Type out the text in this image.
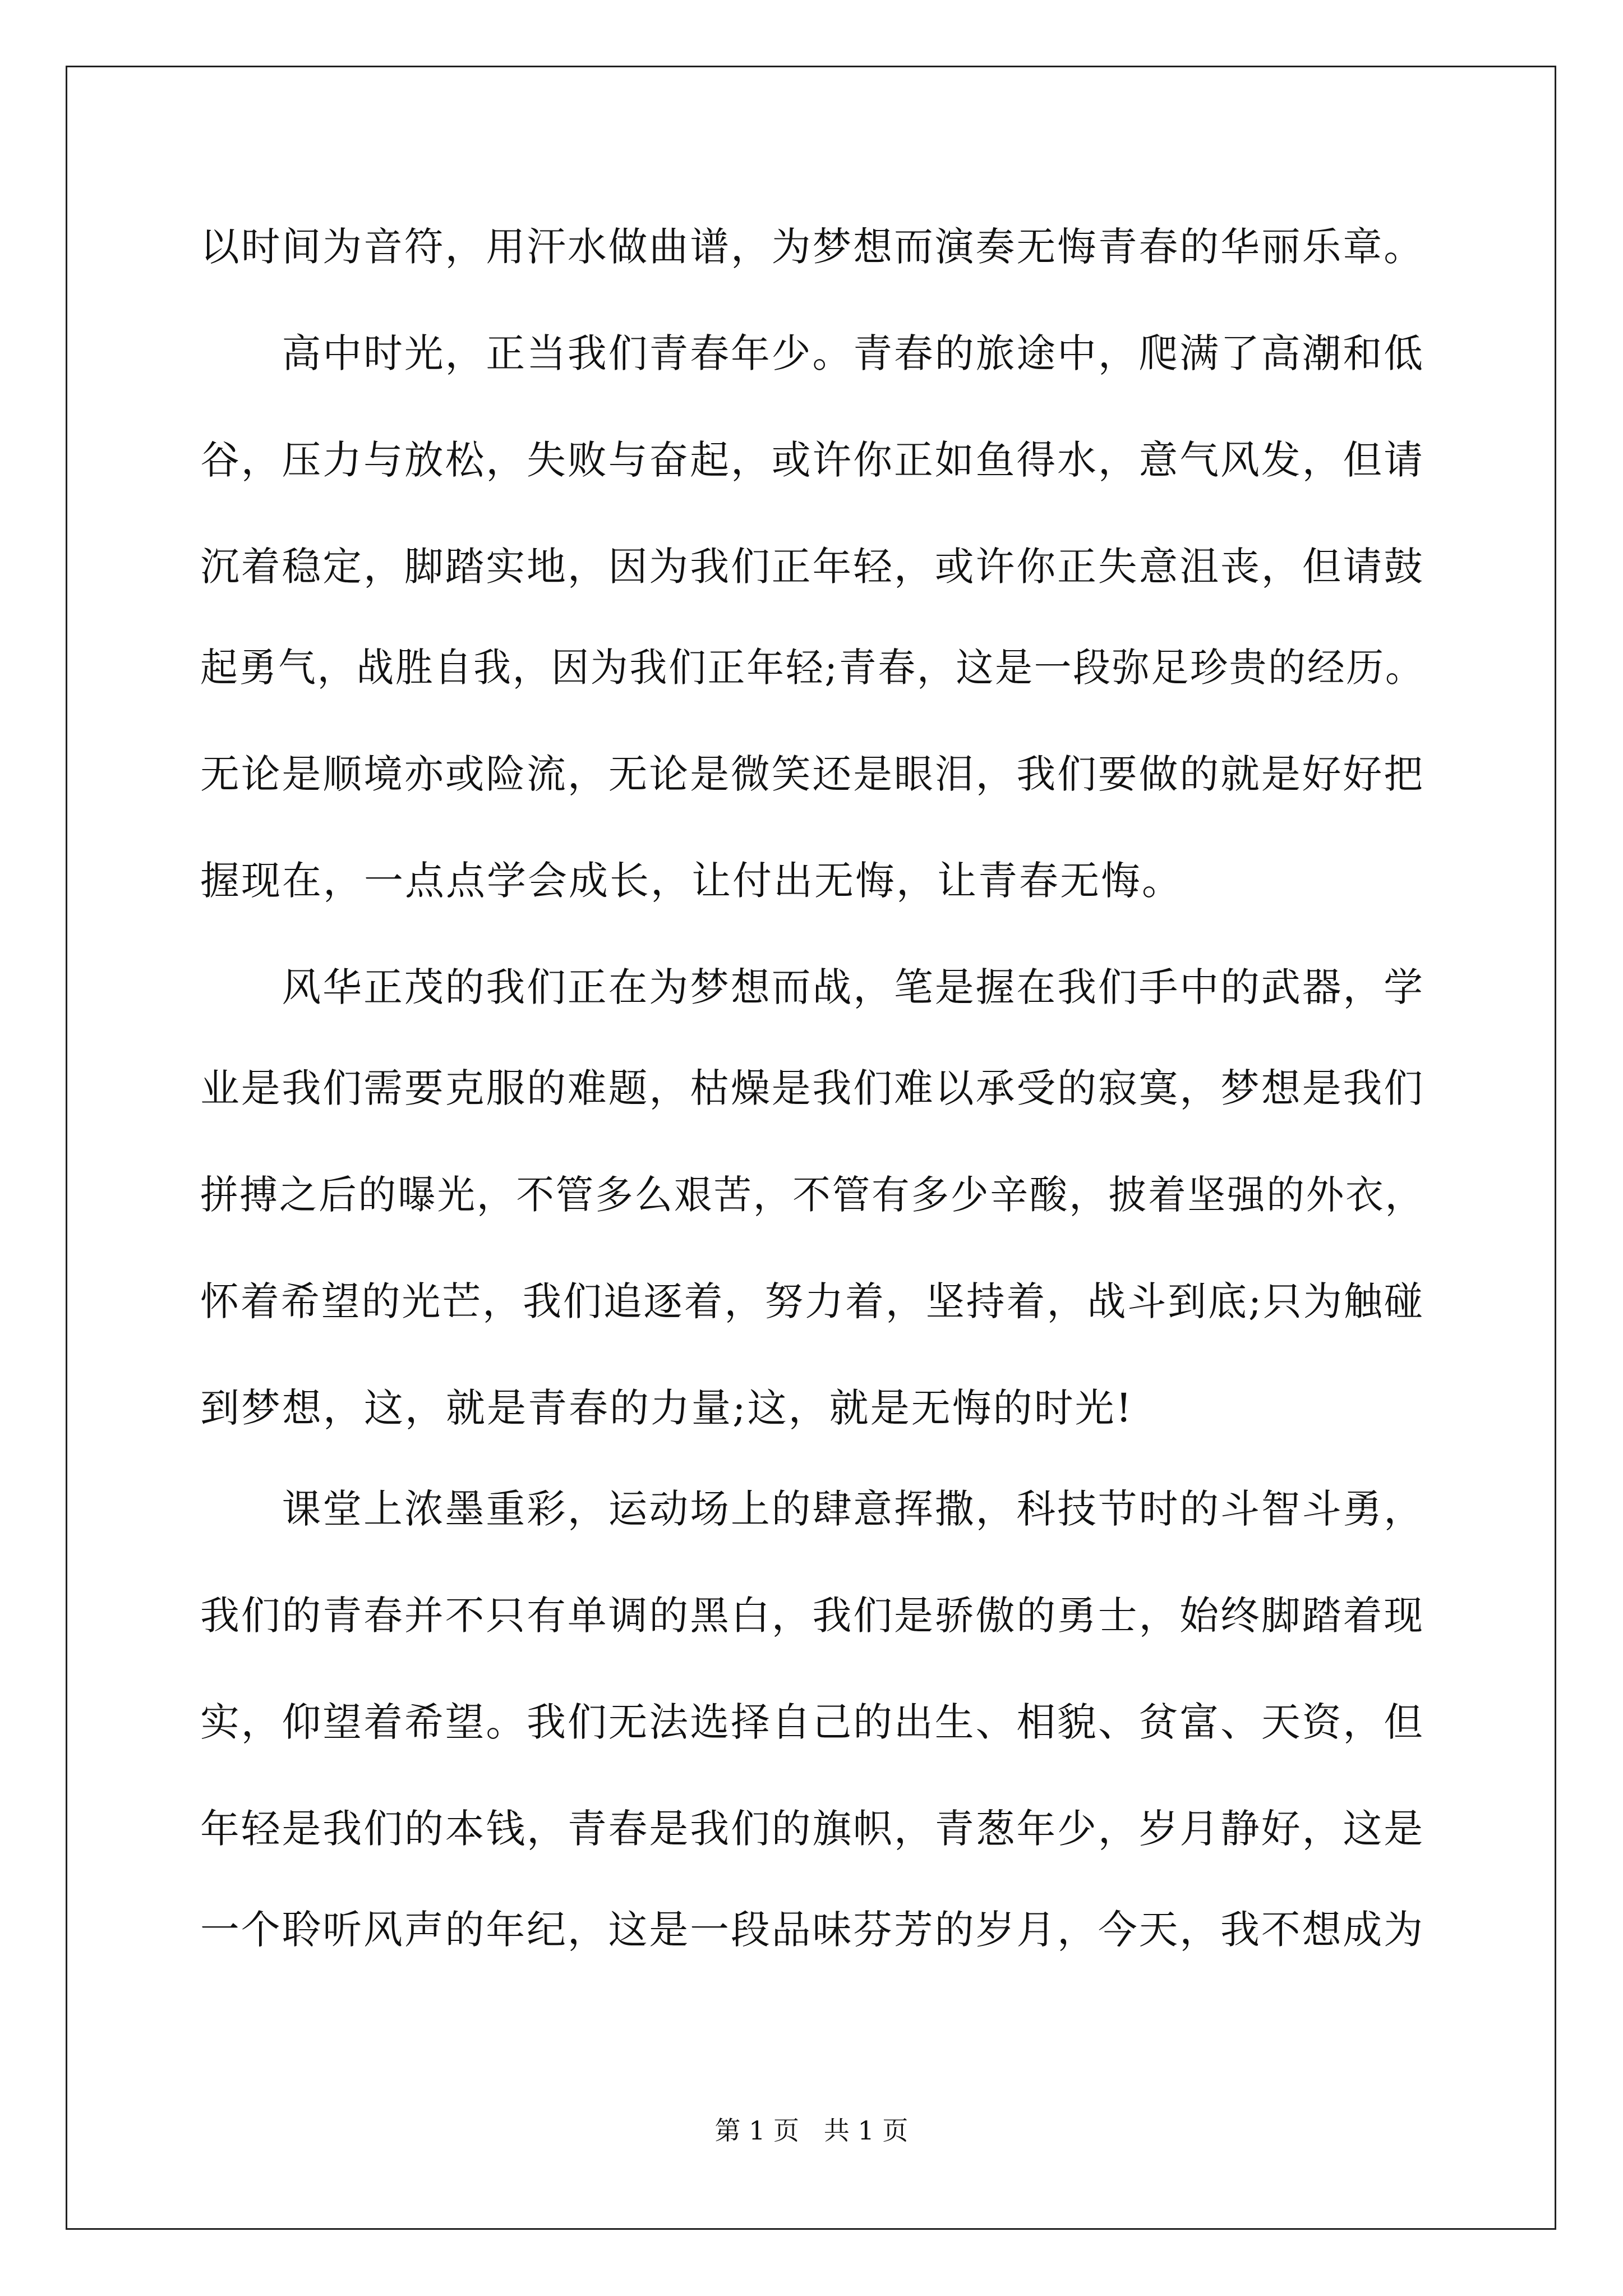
以时间为音符，用汗水做曲谱，为梦想而演奏无悔青春的华丽乐章。
　　高中时光，正当我们青春年少。青春的旅途中，爬满了高潮和低
谷，压力与放松，失败与奋起，或许你正如鱼得水，意气风发，但请
沉着稳定，脚踏实地，因为我们正年轻，或许你正失意沮丧，但请鼓
起勇气，战胜自我，因为我们正年轻;青春，这是一段弥足珍贵的经历。
无论是顺境亦或险流，无论是微笑还是眼泪，我们要做的就是好好把
握现在，一点点学会成长，让付出无悔，让青春无悔。
　　风华正茂的我们正在为梦想而战，笔是握在我们手中的武器，学
业是我们需要克服的难题，枯燥是我们难以承受的寂寞，梦想是我们
拼搏之后的曝光，不管多么艰苦，不管有多少辛酸，披着坚强的外衣，
怀着希望的光芒，我们追逐着，努力着，坚持着，战斗到底;只为触碰
到梦想，这，就是青春的力量;这，就是无悔的时光!
　　课堂上浓墨重彩，运动场上的肆意挥撒，科技节时的斗智斗勇，
我们的青春并不只有单调的黑白，我们是骄傲的勇士，始终脚踏着现
实，仰望着希望。我们无法选择自己的出生、相貌、贫富、天资，但
年轻是我们的本钱，青春是我们的旗帜，青葱年少，岁月静好，这是
一个聆听风声的年纪，这是一段品味芬芳的岁月，今天，我不想成为
第 1 页   共 1 页
